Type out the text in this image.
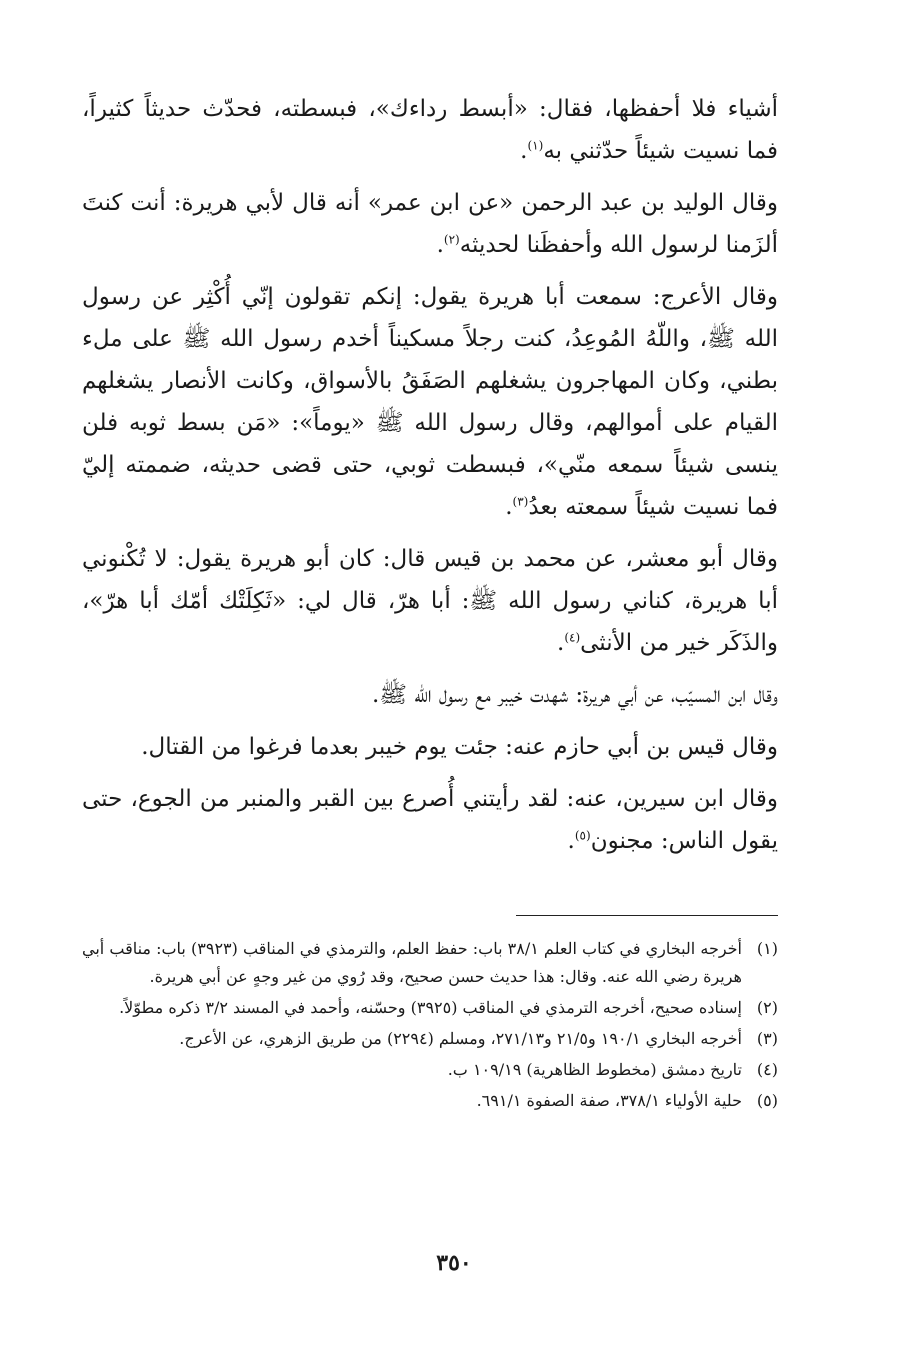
أشياء فلا أحفظها، فقال: «أبسط رداءك»، فبسطته، فحدّث حديثاً كثيراً، فما نسيت شيئاً حدّثني به$^{(١)}$.

وقال الوليد بن عبد الرحمن «عن ابن عمر» أنه قال لأبي هريرة: أنت كنتَ ألزَمنا لرسول الله وأحفظَنا لحديثه$^{(٢)}$.

وقال الأعرج: سمعت أبا هريرة يقول: إنكم تقولون إنّي أُكْثِر عن رسول الله ﷺ، واللّهُ المُوعِدُ، كنت رجلاً مسكيناً أخدم رسول الله ﷺ على ملء بطني، وكان المهاجرون يشغلهم الصَفَقُ بالأسواق، وكانت الأنصار يشغلهم القيام على أموالهم، وقال رسول الله ﷺ «يوماً»: «مَن بسط ثوبه فلن ينسى شيئاً سمعه منّي»، فبسطت ثوبي، حتى قضى حديثه، ضممته إليّ فما نسيت شيئاً سمعته بعدُ$^{(٣)}$.

وقال أبو معشر، عن محمد بن قيس قال: كان أبو هريرة يقول: لا تُكْنوني أبا هريرة، كناني رسول الله ﷺ: أبا هرّ، قال لي: «ثَكِلَتْك أمّك أبا هرّ»، والذَكَر خير من الأنثى$^{(٤)}$.

وقال ابن المسيّب، عن أبي هريرة: شهدت خيبر مع رسول الله ﷺ.

وقال قيس بن أبي حازم عنه: جئت يوم خيبر بعدما فرغوا من القتال.

وقال ابن سيرين، عنه: لقد رأيتني أُصرع بين القبر والمنبر من الجوع، حتى يقول الناس: مجنون$^{(٥)}$.

(١)
أخرجه البخاري في كتاب العلم ٣٨/١ باب: حفظ العلم، والترمذي في المناقب (٣٩٢٣) باب: مناقب أبي هريرة رضي الله عنه. وقال: هذا حديث حسن صحيح، وقد رُوي من غير وجهٍ عن أبي هريرة.
(٢)
إسناده صحيح، أخرجه الترمذي في المناقب (٣٩٢٥) وحسّنه، وأحمد في المسند ٣/٢ ذكره مطوّلاً.
(٣)
أخرجه البخاري ١٩٠/١ و٢١/٥ و٢٧١/١٣، ومسلم (٢٢٩٤) من طريق الزهري، عن الأعرج.
(٤)
تاريخ دمشق (مخطوط الظاهرية) ١٠٩/١٩ ب.
(٥)
حلية الأولياء ٣٧٨/١، صفة الصفوة ٦٩١/١.
٣٥٠
